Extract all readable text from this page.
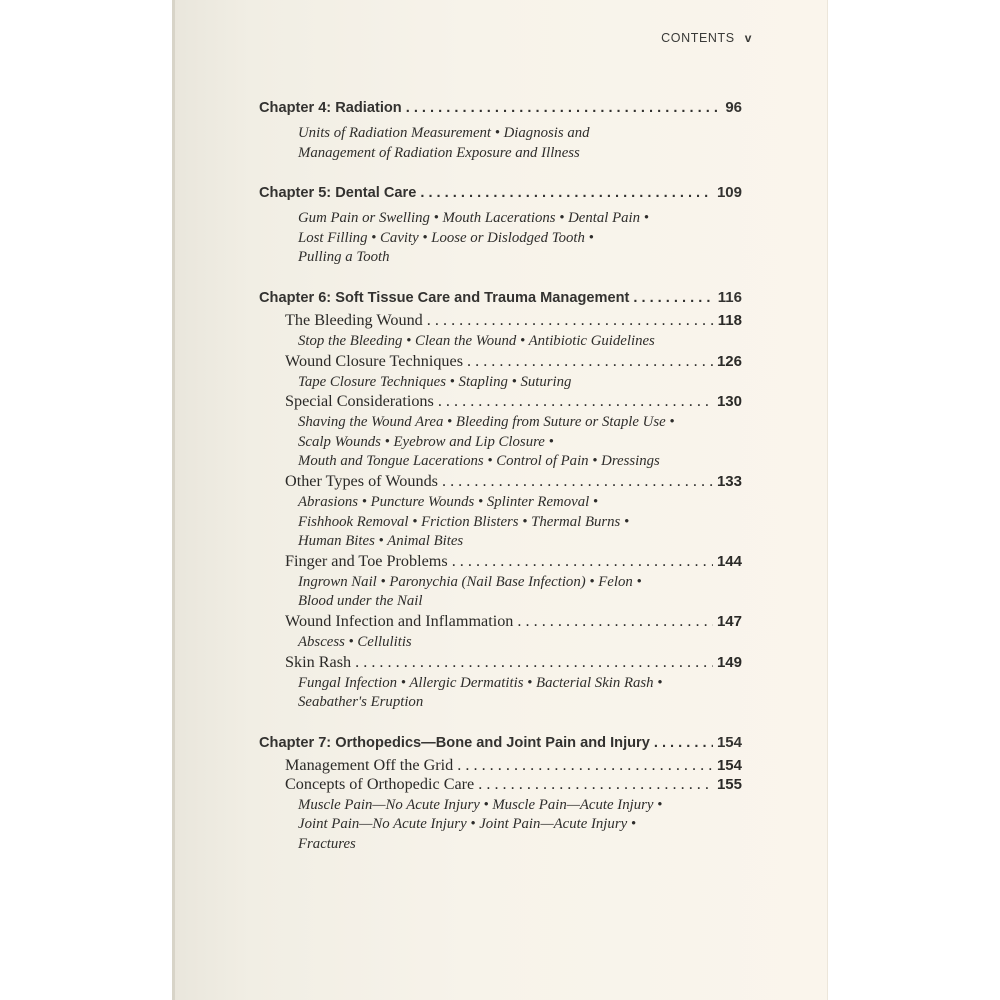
CONTENTS v
Chapter 4: Radiation . . .	96
Units of Radiation Measurement • Diagnosis and
Management of Radiation Exposure and Illness
Chapter 5: Dental Care . . .	109
Gum Pain or Swelling • Mouth Lacerations • Dental Pain •
Lost Filling • Cavity • Loose or Dislodged Tooth •
Pulling a Tooth
Chapter 6: Soft Tissue Care and Trauma Management . . .	116
The Bleeding Wound . . .	118
Stop the Bleeding • Clean the Wound • Antibiotic Guidelines
Wound Closure Techniques . . .	126
Tape Closure Techniques • Stapling • Suturing
Special Considerations . . .	130
Shaving the Wound Area • Bleeding from Suture or Staple Use •
Scalp Wounds • Eyebrow and Lip Closure •
Mouth and Tongue Lacerations • Control of Pain • Dressings
Other Types of Wounds . . .	133
Abrasions • Puncture Wounds • Splinter Removal •
Fishhook Removal • Friction Blisters • Thermal Burns •
Human Bites • Animal Bites
Finger and Toe Problems . . .	144
Ingrown Nail • Paronychia (Nail Base Infection) • Felon •
Blood under the Nail
Wound Infection and Inflammation . . .	147
Abscess • Cellulitis
Skin Rash . . .	149
Fungal Infection • Allergic Dermatitis • Bacterial Skin Rash •
Seabather's Eruption
Chapter 7: Orthopedics—Bone and Joint Pain and Injury . . .	154
Management Off the Grid . . .	154
Concepts of Orthopedic Care . . .	155
Muscle Pain—No Acute Injury • Muscle Pain—Acute Injury •
Joint Pain—No Acute Injury • Joint Pain—Acute Injury •
Fractures
